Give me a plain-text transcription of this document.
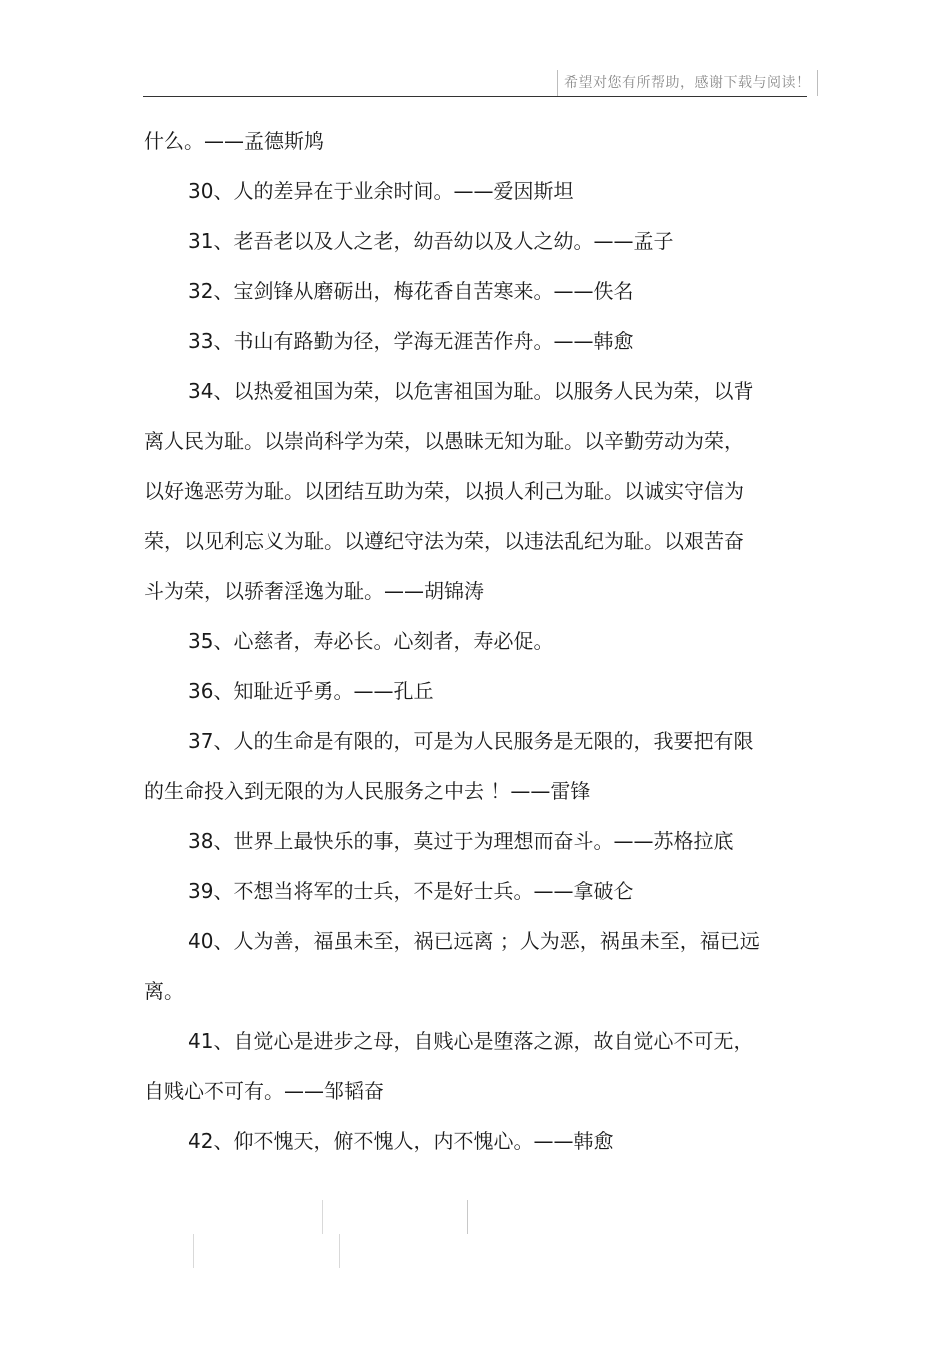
希望对您有所帮助，感谢下载与阅读！
什么。——孟德斯鸠
30、人的差异在于业余时间。——爱因斯坦
31、老吾老以及人之老，幼吾幼以及人之幼。——孟子
32、宝剑锋从磨砺出，梅花香自苦寒来。——佚名
33、书山有路勤为径，学海无涯苦作舟。——韩愈
34、以热爱祖国为荣，以危害祖国为耻。以服务人民为荣，以背
离人民为耻。以崇尚科学为荣，以愚昧无知为耻。以辛勤劳动为荣，
以好逸恶劳为耻。以团结互助为荣，以损人利己为耻。以诚实守信为
荣，以见利忘义为耻。以遵纪守法为荣，以违法乱纪为耻。以艰苦奋
斗为荣，以骄奢淫逸为耻。——胡锦涛
35、心慈者，寿必长。心刻者，寿必促。
36、知耻近乎勇。——孔丘
37、人的生命是有限的，可是为人民服务是无限的，我要把有限
的生命投入到无限的为人民服务之中去 ！——雷锋
38、世界上最快乐的事，莫过于为理想而奋斗。——苏格拉底
39、不想当将军的士兵，不是好士兵。——拿破仑
40、人为善，福虽未至，祸已远离 ；人为恶，祸虽未至，福已远
离。
41、自觉心是进步之母，自贱心是堕落之源，故自觉心不可无，
自贱心不可有。——邹韬奋
42、仰不愧天，俯不愧人，内不愧心。——韩愈
